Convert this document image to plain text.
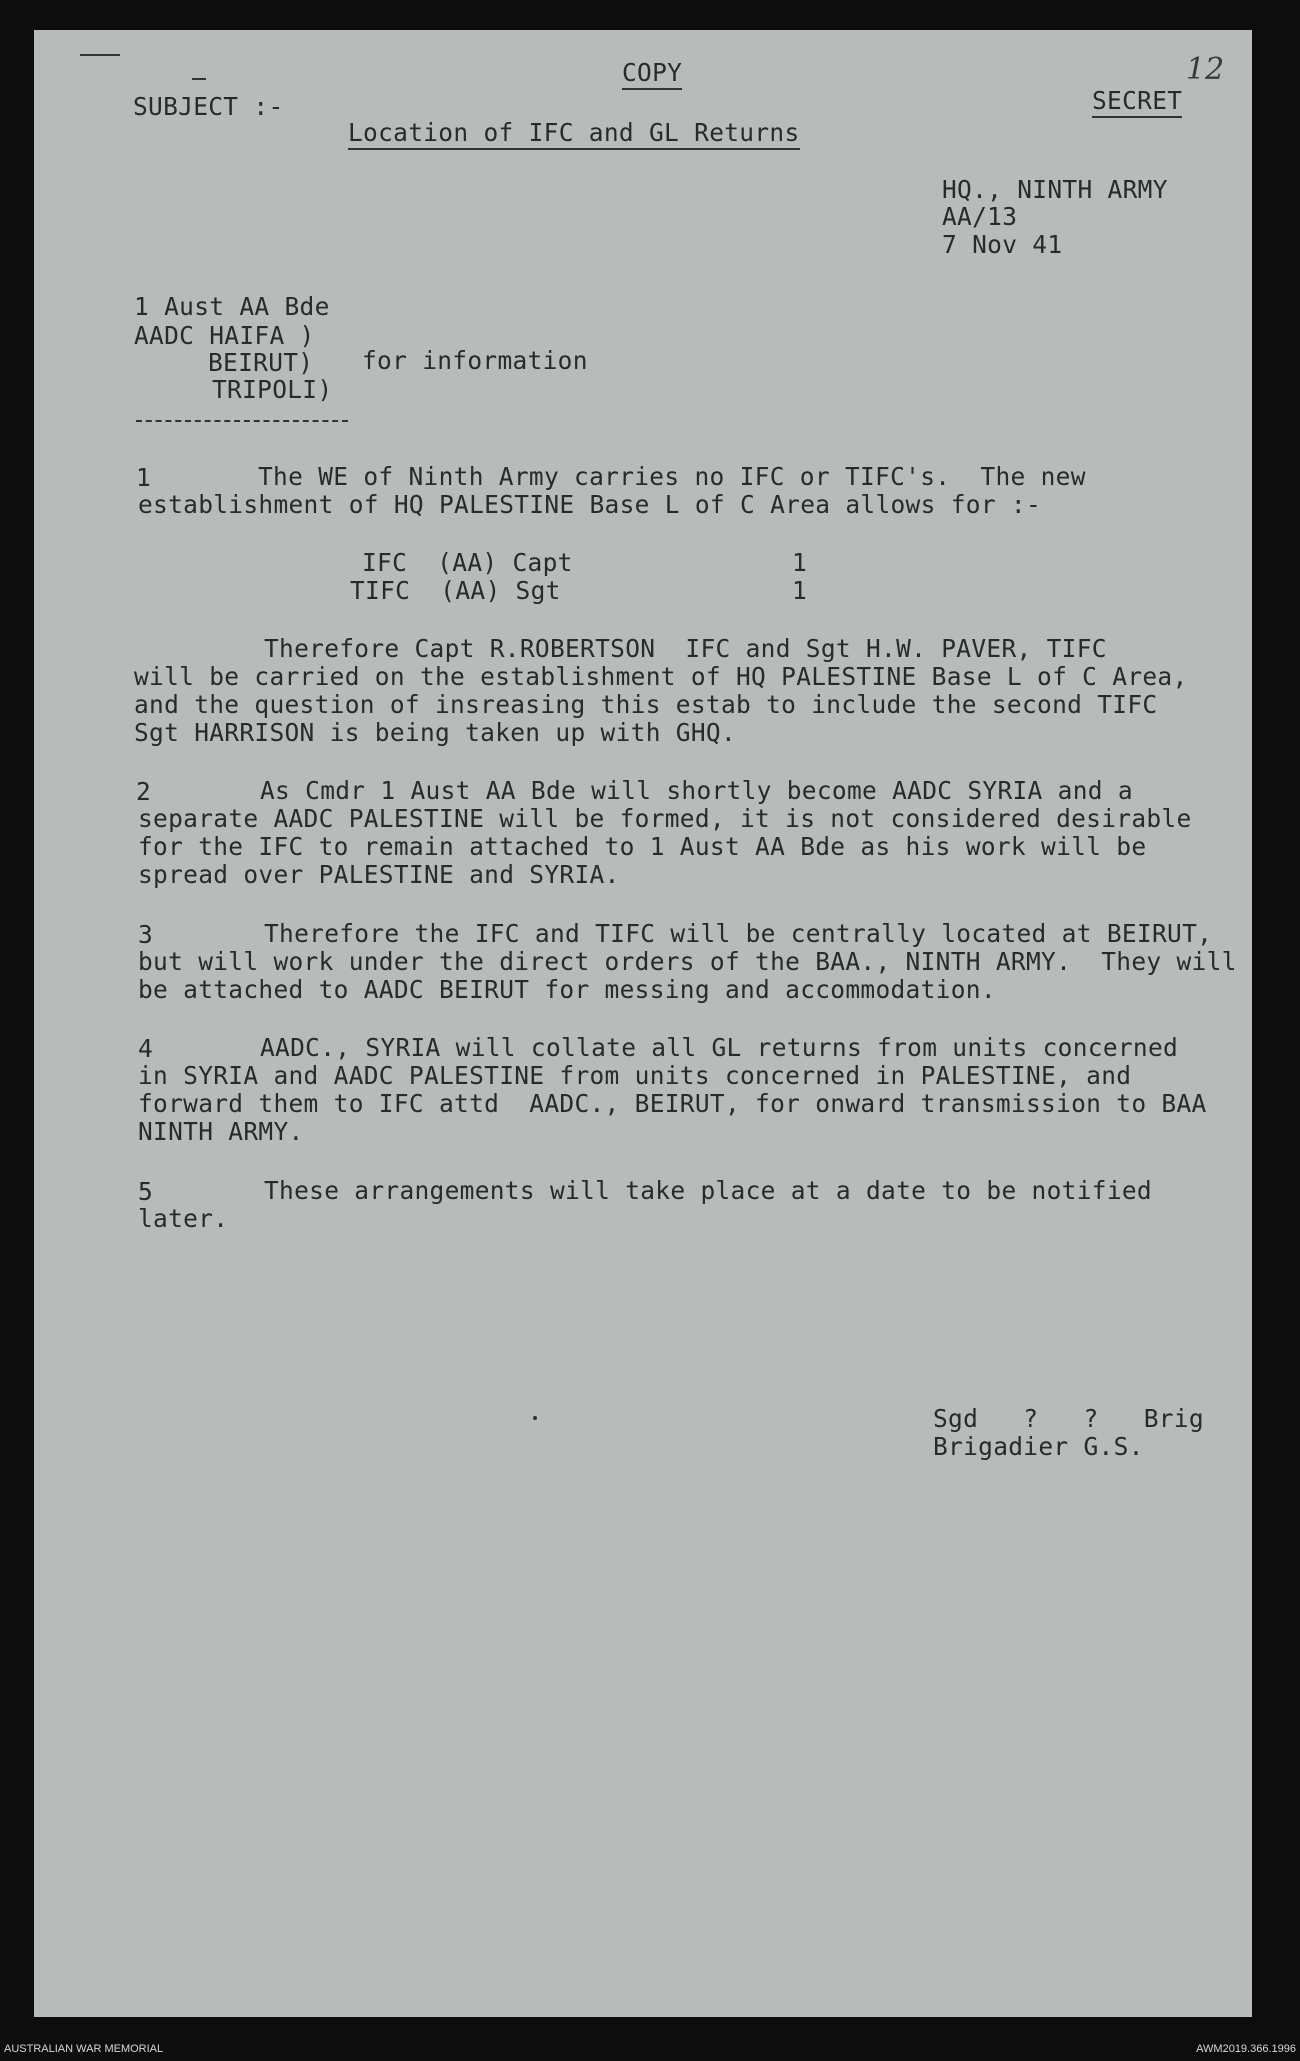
COPY	12
SUBJECT :-	SECRET
Location of IFC and GL Returns
HQ., NINTH ARMY
AA/13
7 Nov 41
1 Aust AA Bde
AADC HAIFA )
BEIRUT) for information
TRIPOLI)
1	The WE of Ninth Army carries no IFC or TIFC's.  The new
establishment of HQ PALESTINE Base L of C Area allows for :-
IFC  (AA) Capt	1
TIFC  (AA) Sgt	1
Therefore Capt R.ROBERTSON  IFC and Sgt H.W. PAVER, TIFC
will be carried on the establishment of HQ PALESTINE Base L of C Area,
and the question of insreasing this estab to include the second TIFC
Sgt HARRISON is being taken up with GHQ.
2	As Cmdr 1 Aust AA Bde will shortly become AADC SYRIA and a
separate AADC PALESTINE will be formed, it is not considered desirable
for the IFC to remain attached to 1 Aust AA Bde as his work will be
spread over PALESTINE and SYRIA.
3	Therefore the IFC and TIFC will be centrally located at BEIRUT,
but will work under the direct orders of the BAA., NINTH ARMY.  They will
be attached to AADC BEIRUT for messing and accommodation.
4	AADC., SYRIA will collate all GL returns from units concerned
in SYRIA and AADC PALESTINE from units concerned in PALESTINE, and
forward them to IFC attd  AADC., BEIRUT, for onward transmission to BAA
NINTH ARMY.
5	These arrangements will take place at a date to be notified
later.
Sgd   ?   ?   Brig
Brigadier G.S.
AUSTRALIAN WAR MEMORIAL	AWM2019.366.1996
